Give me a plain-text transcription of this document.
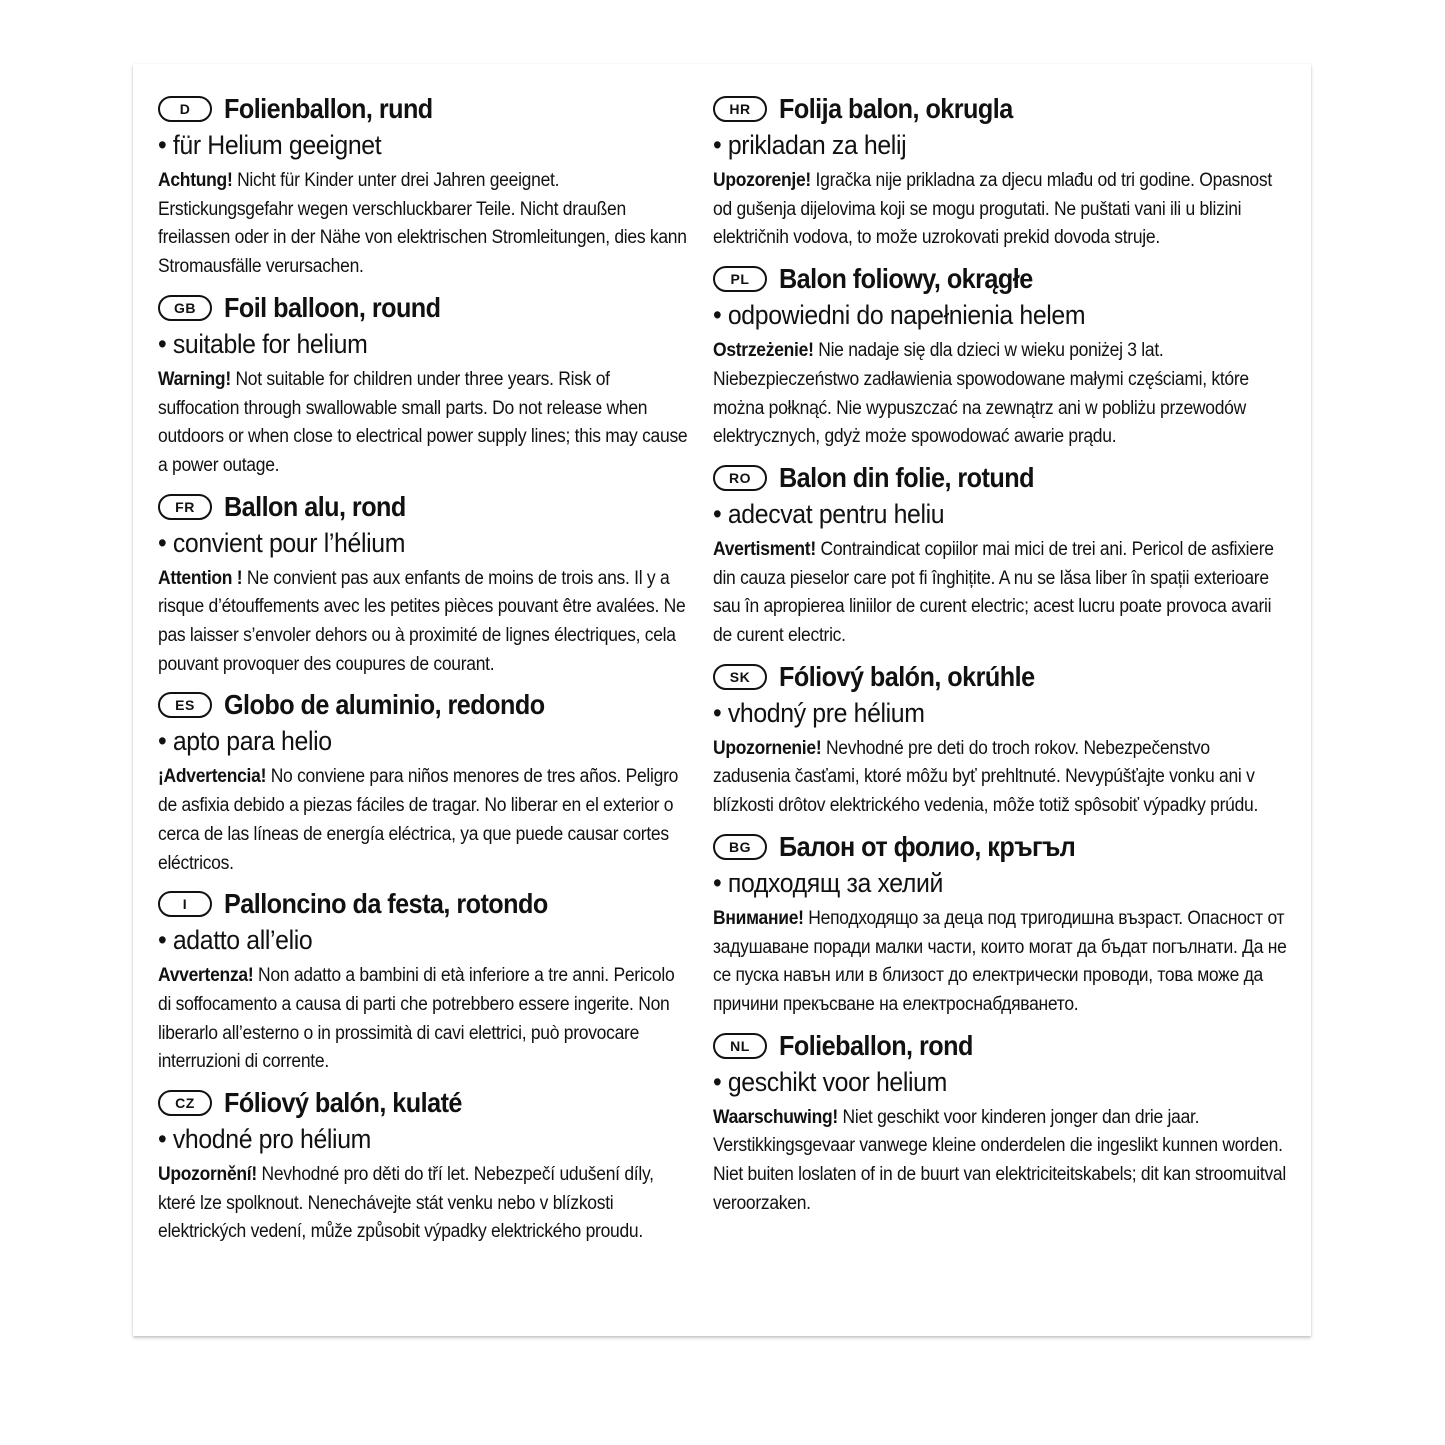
D	Folienballon, rund
• für Helium geeignet
Achtung! Nicht für Kinder unter drei Jahren geeignet. Erstickungsgefahr wegen verschluckbarer Teile. Nicht draußen freilassen oder in der Nähe von elektrischen Stromleitungen, dies kann Stromausfälle verursachen.
GB	Foil balloon, round
• suitable for helium
Warning! Not suitable for children under three years. Risk of suffocation through swallowable small parts. Do not release when outdoors or when close to electrical power supply lines; this may cause a power outage.
FR	Ballon alu, rond
• convient pour l’hélium
Attention ! Ne convient pas aux enfants de moins de trois ans. Il y a risque d’étouffements avec les petites pièces pouvant être avalées. Ne pas laisser s’envoler dehors ou à proximité de lignes électriques, cela pouvant provoquer des coupures de courant.
ES	Globo de aluminio, redondo
• apto para helio
¡Advertencia! No conviene para niños menores de tres años. Peligro de asfixia debido a piezas fáciles de tragar. No liberar en el exterior o cerca de las líneas de energía eléctrica, ya que puede causar cortes eléctricos.
I	Palloncino da festa, rotondo
• adatto all’elio
Avvertenza! Non adatto a bambini di età inferiore a tre anni. Pericolo di soffocamento a causa di parti che potrebbero essere ingerite. Non liberarlo all’esterno o in prossimità di cavi elettrici, può provocare interruzioni di corrente.
CZ	Fóliový balón, kulaté
• vhodné pro hélium
Upozornění! Nevhodné pro děti do tří let. Nebezpečí udušení díly, které lze spolknout. Nenechávejte stát venku nebo v blízkosti elektrických vedení, může způsobit výpadky elektrického proudu.
HR	Folija balon, okrugla
• prikladan za helij
Upozorenje! Igračka nije prikladna za djecu mlađu od tri godine. Opasnost od gušenja dijelovima koji se mogu progutati. Ne puštati vani ili u blizini električnih vodova, to može uzrokovati prekid dovoda struje.
PL	Balon foliowy, okrągłe
• odpowiedni do napełnienia helem
Ostrzeżenie! Nie nadaje się dla dzieci w wieku poniżej 3 lat. Niebezpieczeństwo zadławienia spowodowane małymi częściami, które można połknąć. Nie wypuszczać na zewnątrz ani w pobliżu przewodów elektrycznych, gdyż może spowodować awarie prądu.
RO	Balon din folie, rotund
• adecvat pentru heliu
Avertisment! Contraindicat copiilor mai mici de trei ani. Pericol de asfixiere din cauza pieselor care pot fi înghițite. A nu se lăsa liber în spații exterioare sau în apropierea liniilor de curent electric; acest lucru poate provoca avarii de curent electric.
SK	Fóliový balón, okrúhle
• vhodný pre hélium
Upozornenie! Nevhodné pre deti do troch rokov. Nebezpečenstvo zadusenia časťami, ktoré môžu byť prehltnuté. Nevypúšťajte vonku ani v blízkosti drôtov elektrického vedenia, môže totiž spôsobiť výpadky prúdu.
BG	Балон от фолио, кръгъл
• подходящ за хелий
Внимание! Неподходящо за деца под тригодишна възраст. Опасност от задушаване поради малки части, които могат да бъдат погълнати. Да не се пуска навън или в близост до електрически проводи, това може да причини прекъсване на електроснабдяването.
NL	Folieballon, rond
• geschikt voor helium
Waarschuwing! Niet geschikt voor kinderen jonger dan drie jaar. Verstikkingsgevaar vanwege kleine onderdelen die ingeslikt kunnen worden. Niet buiten loslaten of in de buurt van elektriciteitskabels; dit kan stroomuitval veroorzaken.
